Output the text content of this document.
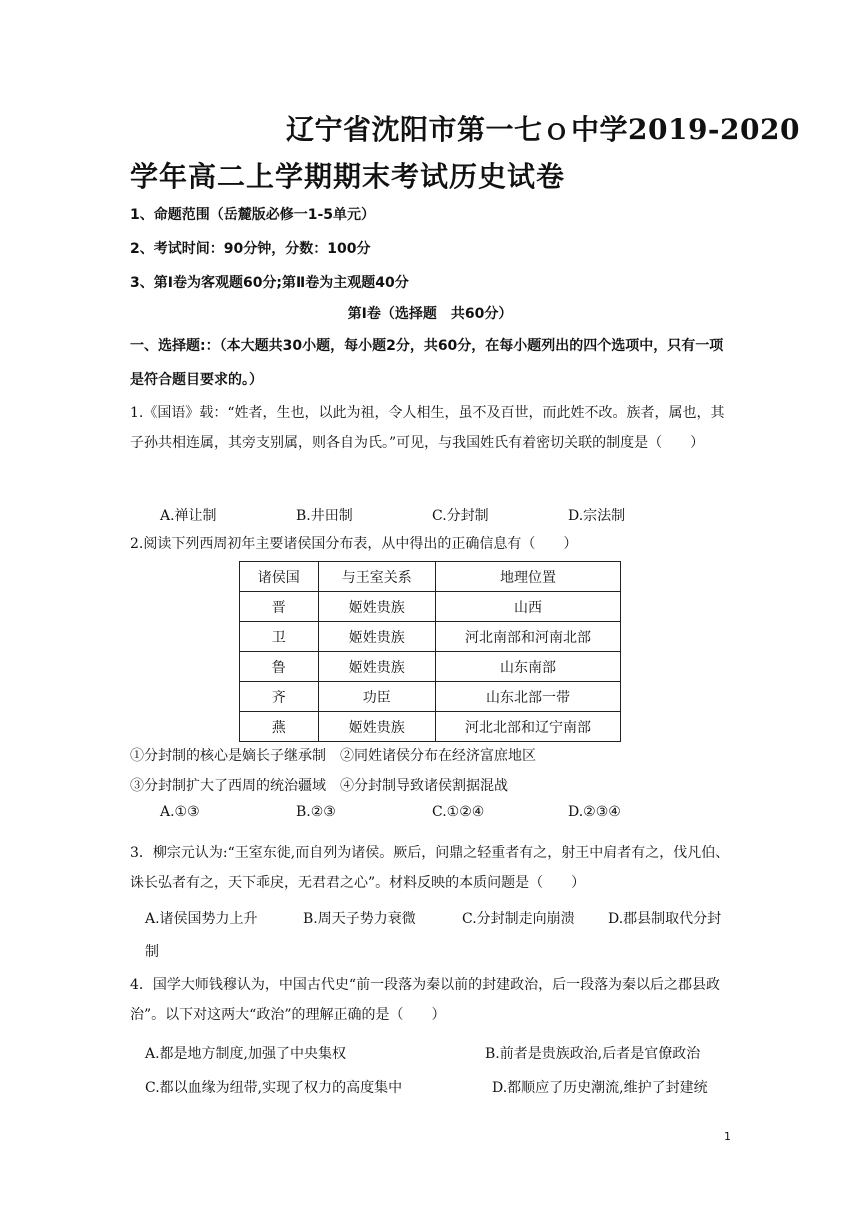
辽宁省沈阳市第一七ｏ中学2019-2020
学年高二上学期期末考试历史试卷
1、命题范围（岳麓版必修一1-5单元）
2、考试时间：90分钟，分数：100分
3、第Ⅰ卷为客观题60分;第Ⅱ卷为主观题40分
第Ⅰ卷（选择题　共60分）
一、选择题:：（本大题共30小题，每小题2分，共60分，在每小题列出的四个选项中，只有一项是符合题目要求的。）
1.《国语》载：“姓者，生也，以此为祖，令人相生，虽不及百世，而此姓不改。族者，属也，其子孙共相连属，其旁支别属，则各自为氏。”可见，与我国姓氏有着密切关联的制度是（　　）
A.禅让制	B.井田制	C.分封制	D.宗法制
2.阅读下列西周初年主要诸侯国分布表，从中得出的正确信息有（　　）
诸侯国	与王室关系	地理位置
晋	姬姓贵族	山西
卫	姬姓贵族	河北南部和河南北部
鲁	姬姓贵族	山东南部
齐	功臣	山东北部一带
燕	姬姓贵族	河北北部和辽宁南部
①分封制的核心是嫡长子继承制　②同姓诸侯分布在经济富庶地区
③分封制扩大了西周的统治疆域　④分封制导致诸侯割据混战
A.①③	B.②③	C.①②④	D.②③④
3．柳宗元认为:“王室东徙,而自列为诸侯。厥后，问鼎之轻重者有之，射王中肩者有之，伐凡伯、诛长弘者有之，天下乖戾，无君君之心”。材料反映的本质问题是（　　）
A.诸侯国势力上升	B.周天子势力衰微	C.分封制走向崩溃 D.郡县制取代分封
制
4．国学大师钱穆认为，中国古代史“前一段落为秦以前的封建政治，后一段落为秦以后之郡县政治”。以下对这两大“政治”的理解正确的是（　　）
A.都是地方制度,加强了中央集权	B.前者是贵族政治,后者是官僚政治
C.都以血缘为纽带,实现了权力的高度集中	D.都顺应了历史潮流,维护了封建统
1
